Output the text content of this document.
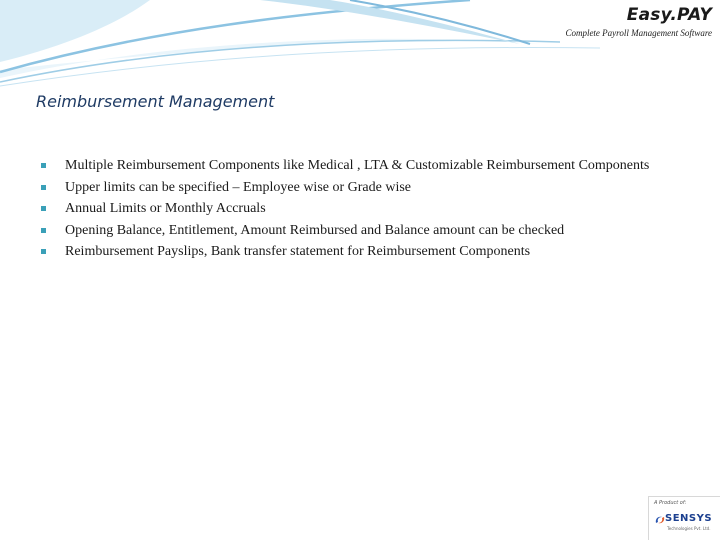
Easy.PAY
Complete Payroll Management Software
Reimbursement Management
Multiple Reimbursement Components like Medical , LTA & Customizable Reimbursement Components
Upper limits can be specified – Employee wise or Grade wise
Annual Limits or Monthly Accruals
Opening Balance, Entitlement, Amount Reimbursed and Balance amount can be checked
Reimbursement Payslips, Bank transfer statement for Reimbursement Components
A Product of:
SENSYS
Technologies Pvt. Ltd.
